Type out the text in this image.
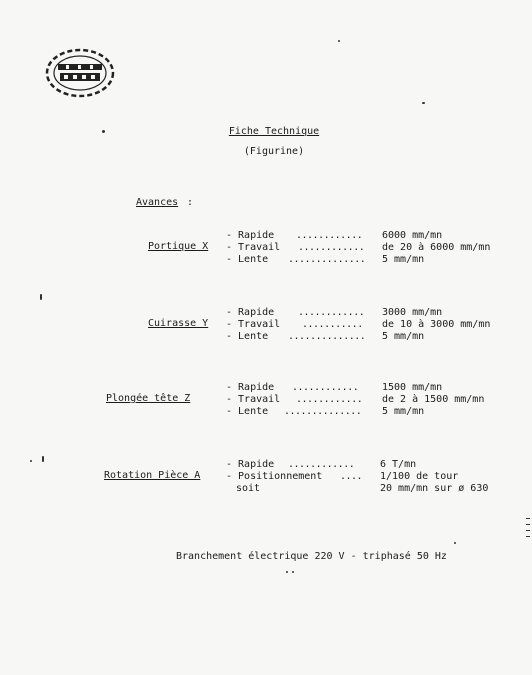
Fiche Technique
(Figurine)
Avances :
Portique X
- Rapide ............ 6000 mm/mn
- Travail ............ de 20 à 6000 mm/mn
- Lente .............. 5 mm/mn
Cuirasse Y
- Rapide ............ 3000 mm/mn
- Travail ........... de 10 à 3000 mm/mn
- Lente .............. 5 mm/mn
Plongée tête Z
- Rapide ............ 1500 mm/mn
- Travail ............ de 2 à 1500 mm/mn
- Lente .............. 5 mm/mn
Rotation Pièce A
- Rapide ............	6 T/mn
- Positionnement .... 1/100 de tour
soit	20 mm/mn sur ø 630
Branchement électrique 220 V - triphasé 50 Hz
